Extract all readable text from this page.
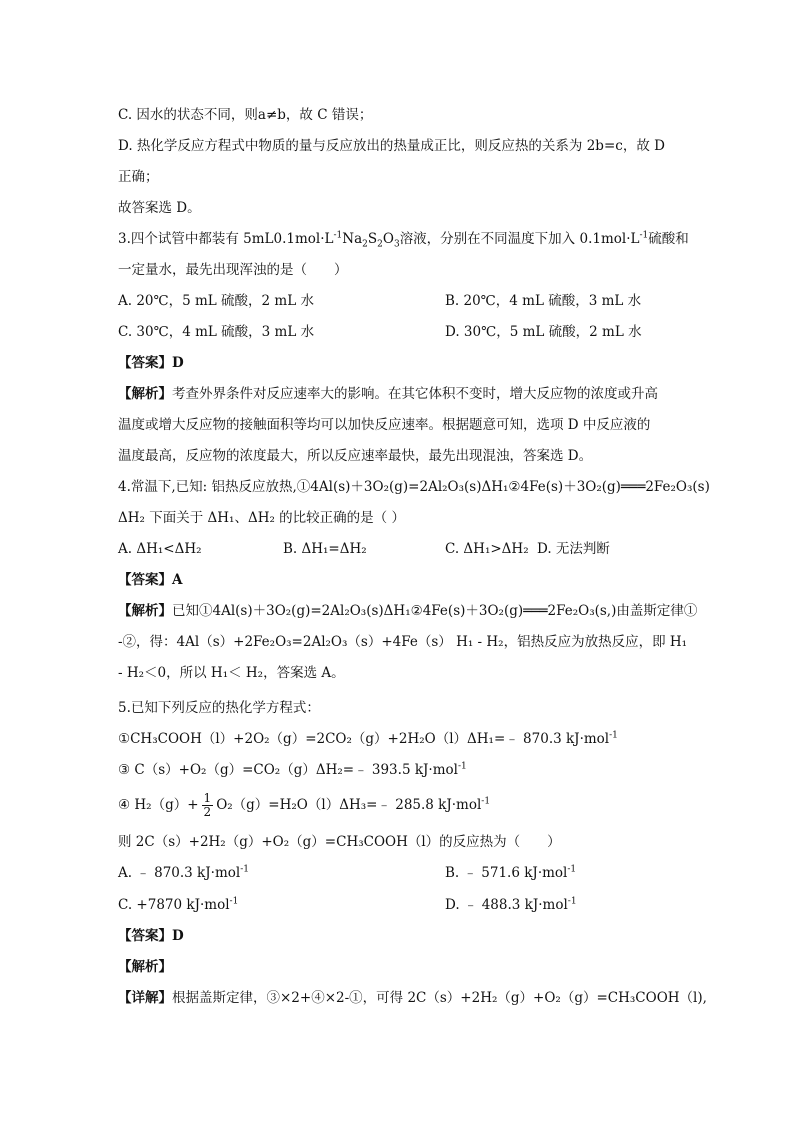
C. 因水的状态不同，则a≠b，故 C 错误；
D. 热化学反应方程式中物质的量与反应放出的热量成正比，则反应热的关系为 2b=c，故 D
正确；
故答案选 D。
3.四个试管中都装有 $5mL0.1mol\cdot L^{-1}Na_2S_2O_3$溶液，分别在不同温度下加入 $0.1mol\cdot L^{-1}$硫酸和
一定量水，最先出现浑浊的是（　　）
A. 20℃，5 mL 硫酸，2 mL 水	B. 20℃，4 mL 硫酸，3 mL 水
C. 30℃，4 mL 硫酸，3 mL 水	D. 30℃，5 mL 硫酸，2 mL 水
【答案】D
【解析】考查外界条件对反应速率大的影响。在其它体积不变时，增大反应物的浓度或升高
温度或增大反应物的接触面积等均可以加快反应速率。根据题意可知，选项 D 中反应液的
温度最高，反应物的浓度最大，所以反应速率最快，最先出现混浊，答案选 D。
4.常温下,已知: 铝热反应放热,①4Al(s)＋3O₂(g)=2Al₂O₃(s)ΔH₁②4Fe(s)＋3O₂(g)═══2Fe₂O₃(s)
ΔH₂ 下面关于 ΔH₁、ΔH₂ 的比较正确的是（ ）
A. ΔH₁<ΔH₂	B. ΔH₁=ΔH₂	C. ΔH₁>ΔH₂ D. 无法判断
【答案】A
【解析】已知①4Al(s)＋3O₂(g)=2Al₂O₃(s)ΔH₁②4Fe(s)＋3O₂(g)═══2Fe₂O₃(s,)由盖斯定律①
-②，得：4Al（s）+2Fe₂O₃=2Al₂O₃（s）+4Fe（s） H₁ - H₂，铝热反应为放热反应，即 H₁
- H₂＜0，所以 H₁＜ H₂，答案选 A。
5.已知下列反应的热化学方程式：
①CH₃COOH（l）+2O₂（g）=2CO₂（g）+2H₂O（l）ΔH₁=﹣ 870.3 kJ·mol$^{-1}$
③ C（s）+O₂（g）=CO₂（g）ΔH₂=﹣ 393.5 kJ·mol$^{-1}$
④ $H_2(g)+ \frac{1}{2}$ O₂（g）=H₂O（l）ΔH₃=﹣ 285.8 kJ·mol$^{-1}$
则 2C（s）+2H₂（g）+O₂（g）=CH₃COOH（l）的反应热为（　　）
A. ﹣ 870.3 kJ·mol$^{-1}$	B. ﹣ 571.6 kJ·mol$^{-1}$
C. +7870 kJ·mol$^{-1}$	D. ﹣ 488.3 kJ·mol$^{-1}$
【答案】D
【解析】
【详解】根据盖斯定律，③×2+④×2-①，可得 2C（s）+2H₂（g）+O₂（g）=CH₃COOH（l),
